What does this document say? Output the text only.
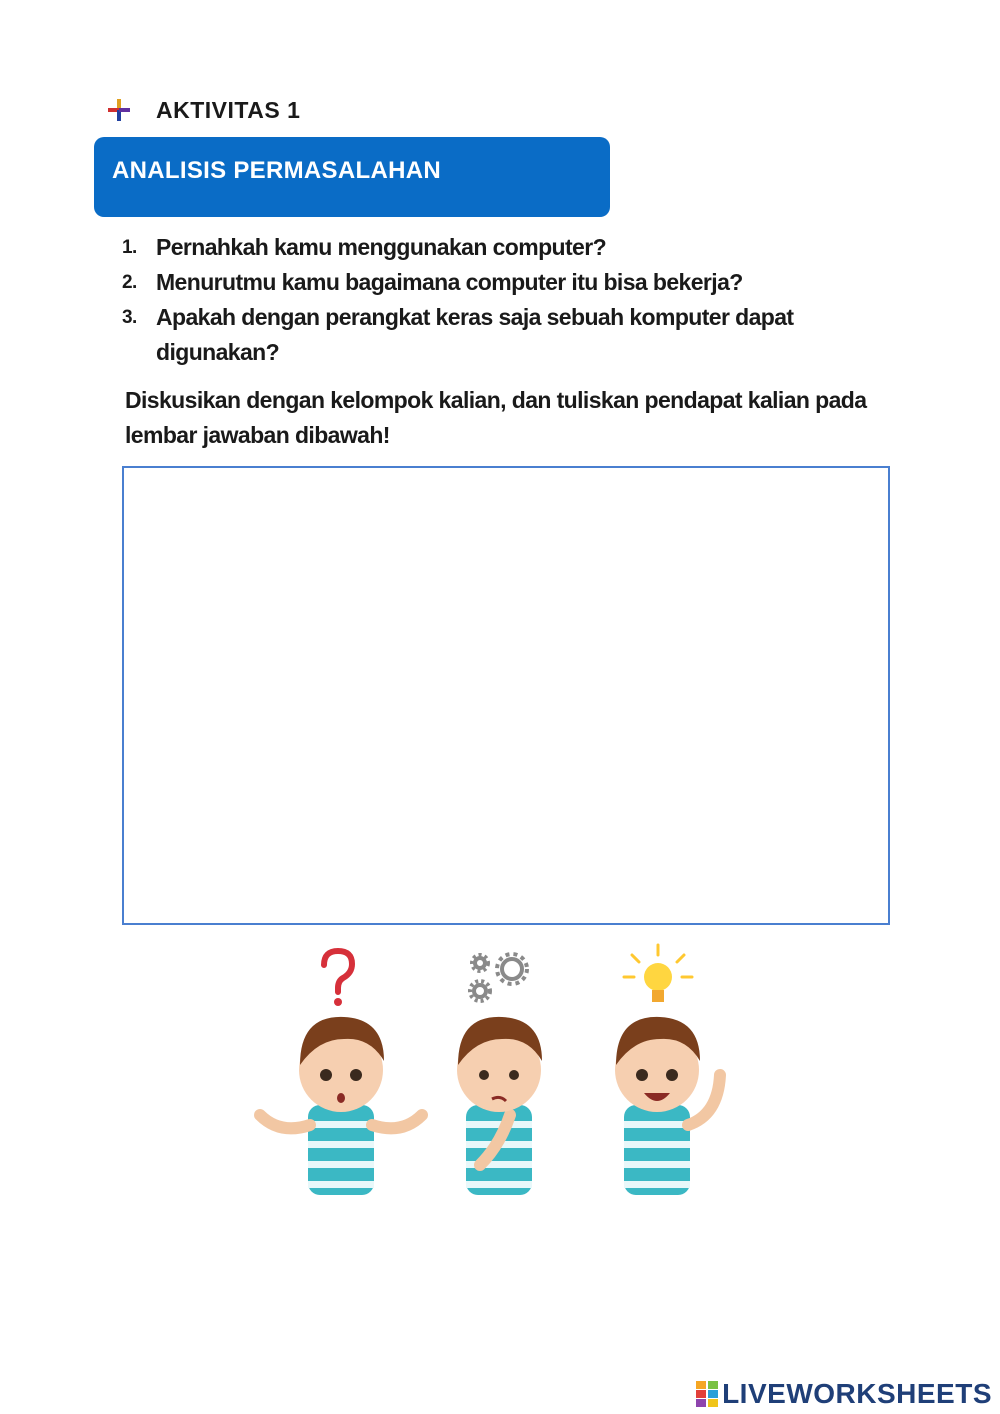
AKTIVITAS 1
ANALISIS PERMASALAHAN
1. Pernahkah kamu menggunakan computer?
2. Menurutmu kamu bagaimana computer itu bisa bekerja?
3. Apakah dengan perangkat keras saja sebuah komputer dapat digunakan?
Diskusikan dengan kelompok kalian, dan tuliskan pendapat kalian pada lembar jawaban dibawah!
LIVEWORKSHEETS
